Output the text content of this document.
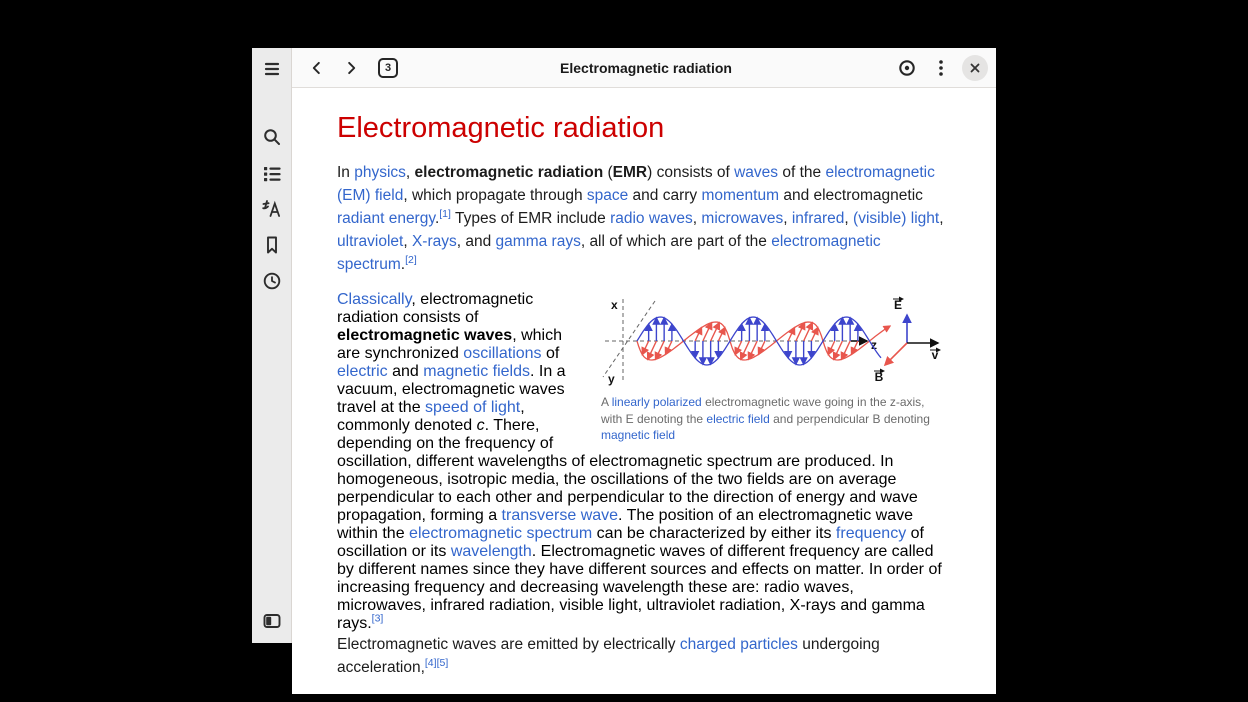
3	Electromagnetic radiation
Electromagnetic radiation

In physics, electromagnetic radiation (EMR) consists of waves of the electromagnetic (EM) field, which propagate through space and carry momentum and electromagnetic radiant energy.[1] Types of EMR include radio waves, microwaves, infrared, (visible) light, ultraviolet, X-rays, and gamma rays, all of which are part of the electromagnetic spectrum.[2]

x
y
z
E
v
B
A linearly polarized electromagnetic wave going in the z-axis, with E denoting the electric field and perpendicular B denoting magnetic field
Classically, electromagnetic radiation consists of electromagnetic waves, which are synchronized oscillations of electric and magnetic fields. In a vacuum, electromagnetic waves travel at the speed of light, commonly denoted c. There, depending on the frequency of oscillation, different wavelengths of electromagnetic spectrum are produced. In homogeneous, isotropic media, the oscillations of the two fields are on average perpendicular to each other and perpendicular to the direction of energy and wave propagation, forming a transverse wave. The position of an electromagnetic wave within the electromagnetic spectrum can be characterized by either its frequency of oscillation or its wavelength. Electromagnetic waves of different frequency are called by different names since they have different sources and effects on matter. In order of increasing frequency and decreasing wavelength these are: radio waves, microwaves, infrared radiation, visible light, ultraviolet radiation, X-rays and gamma rays.[3]

Electromagnetic waves are emitted by electrically charged particles undergoing acceleration,[4][5]
